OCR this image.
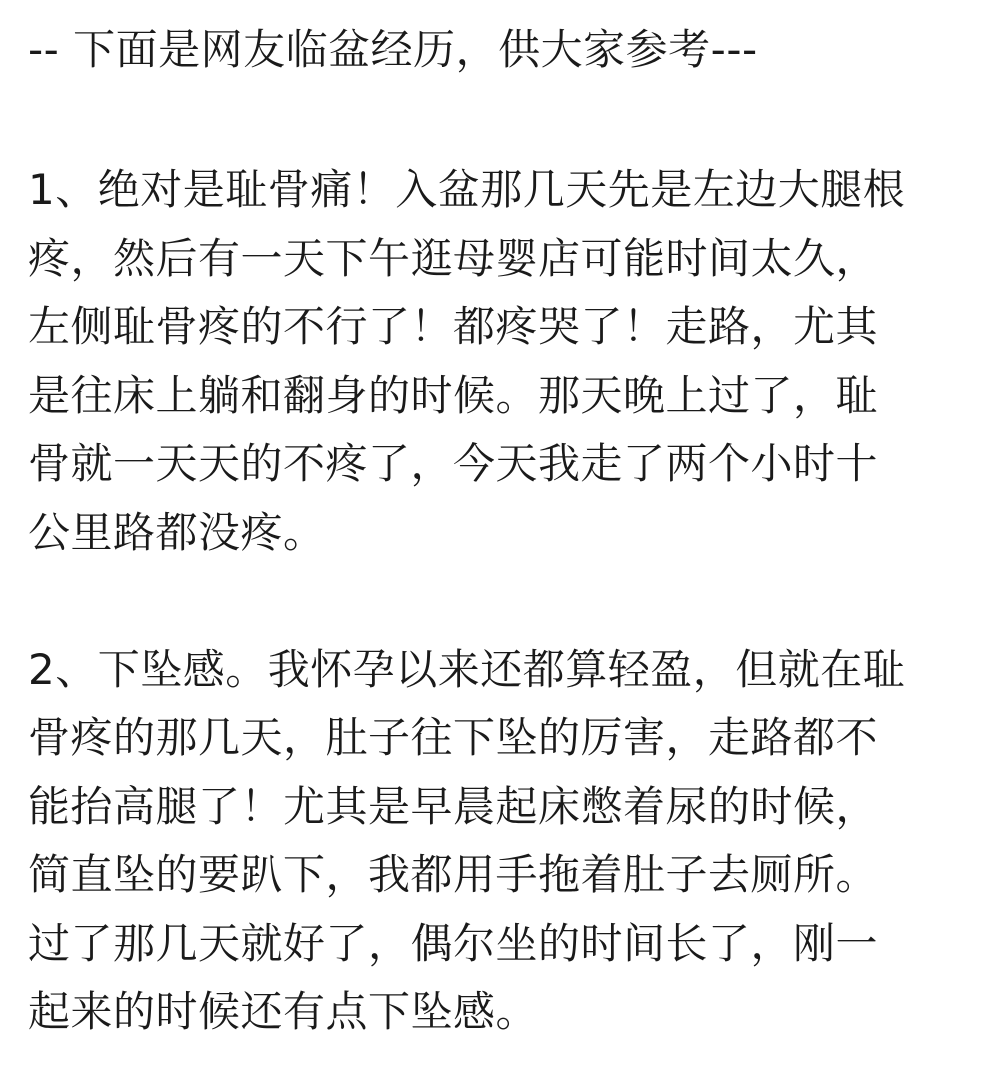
-- 下面是网友临盆经历，供大家参考---

1、绝对是耻骨痛！入盆那几天先是左边大腿根

疼，然后有一天下午逛母婴店可能时间太久，

左侧耻骨疼的不行了！都疼哭了！走路，尤其

是往床上躺和翻身的时候。那天晚上过了，耻

骨就一天天的不疼了，今天我走了两个小时十

公里路都没疼。

2、下坠感。我怀孕以来还都算轻盈，但就在耻

骨疼的那几天，肚子往下坠的厉害，走路都不

能抬高腿了！尤其是早晨起床憋着尿的时候，

简直坠的要趴下，我都用手拖着肚子去厕所。

过了那几天就好了，偶尔坐的时间长了，刚一

起来的时候还有点下坠感。
